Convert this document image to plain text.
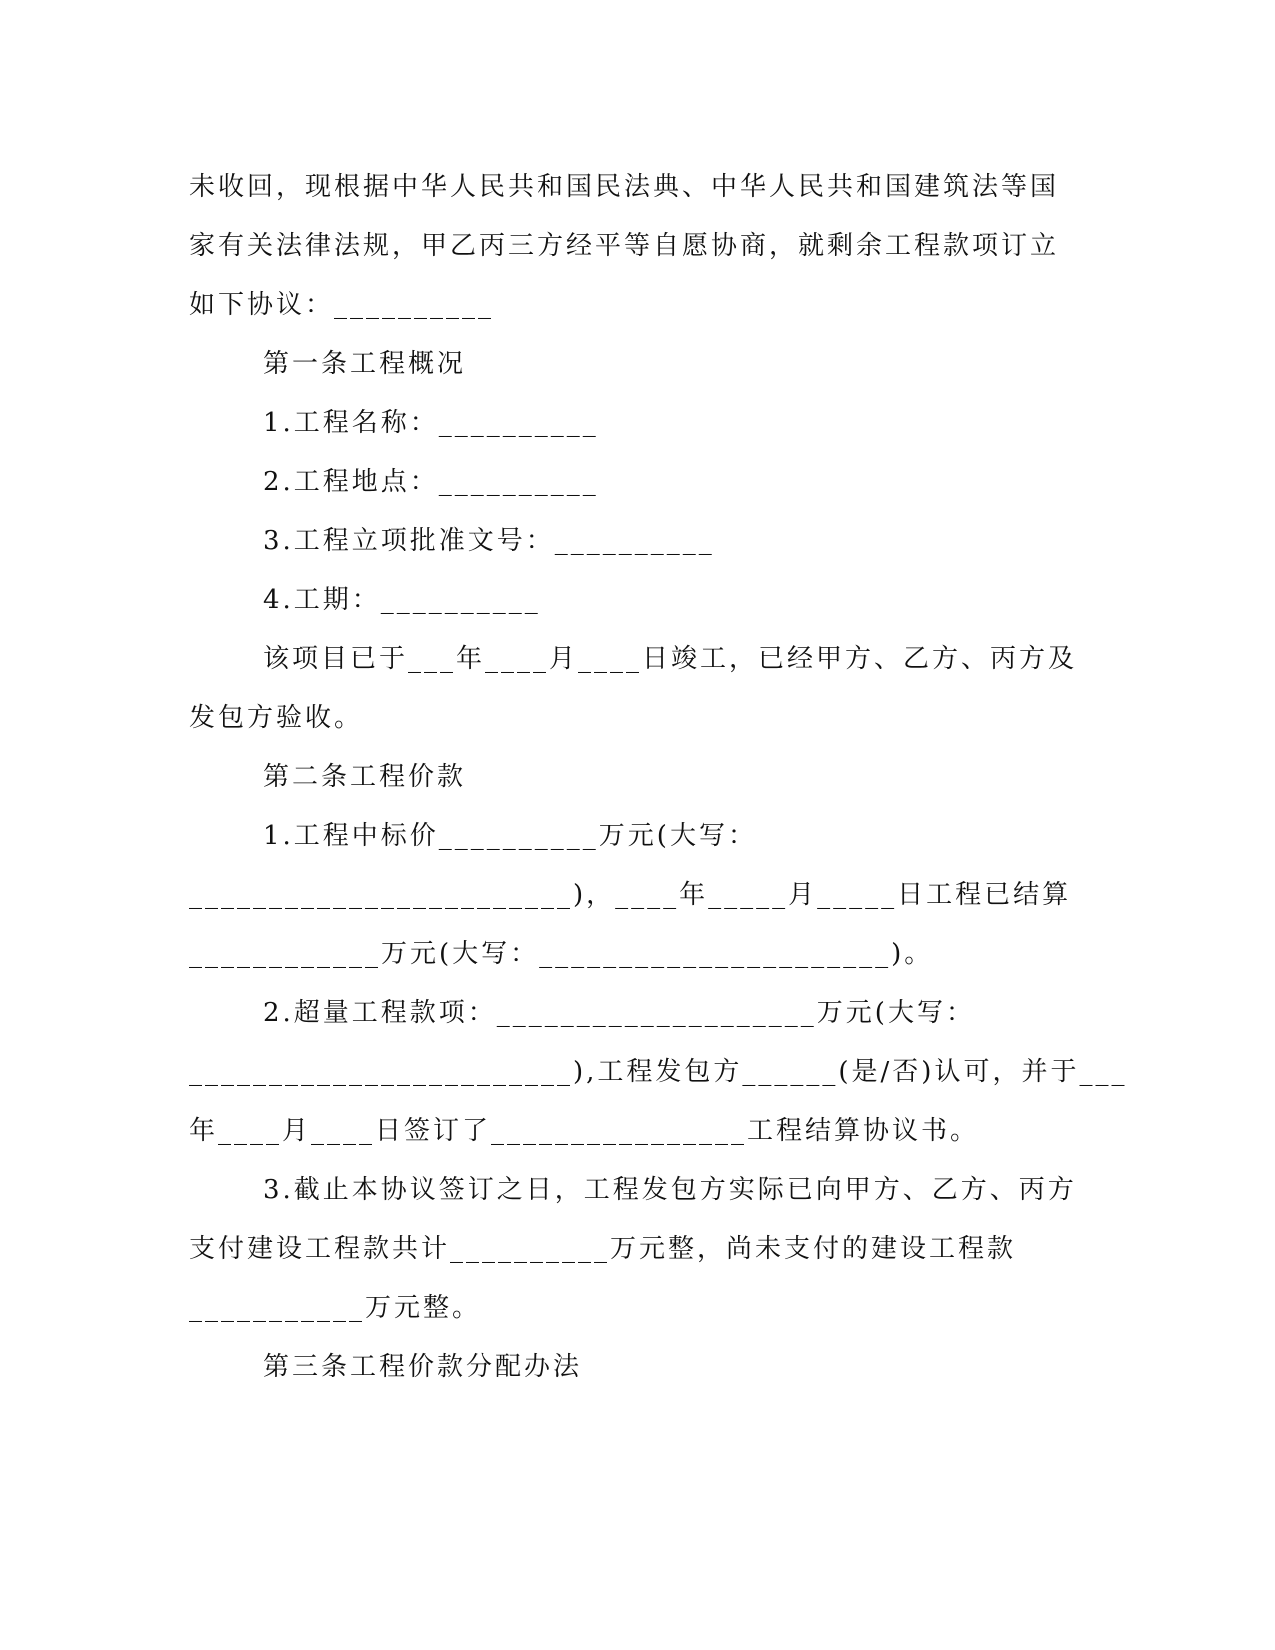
未收回，现根据中华人民共和国民法典、中华人民共和国建筑法等国
家有关法律法规，甲乙丙三方经平等自愿协商，就剩余工程款项订立
如下协议：__________
第一条工程概况
1.工程名称：__________
2.工程地点：__________
3.工程立项批准文号：__________
4.工期：__________
该项目已于___年____月____日竣工，已经甲方、乙方、丙方及
发包方验收。
第二条工程价款
1.工程中标价__________万元(大写：
________________________)，____年_____月_____日工程已结算
____________万元(大写：______________________)。
2.超量工程款项：____________________万元(大写：
________________________),工程发包方______(是/否)认可，并于___
年____月____日签订了________________工程结算协议书。
3.截止本协议签订之日，工程发包方实际已向甲方、乙方、丙方
支付建设工程款共计__________万元整，尚未支付的建设工程款
___________万元整。
第三条工程价款分配办法
